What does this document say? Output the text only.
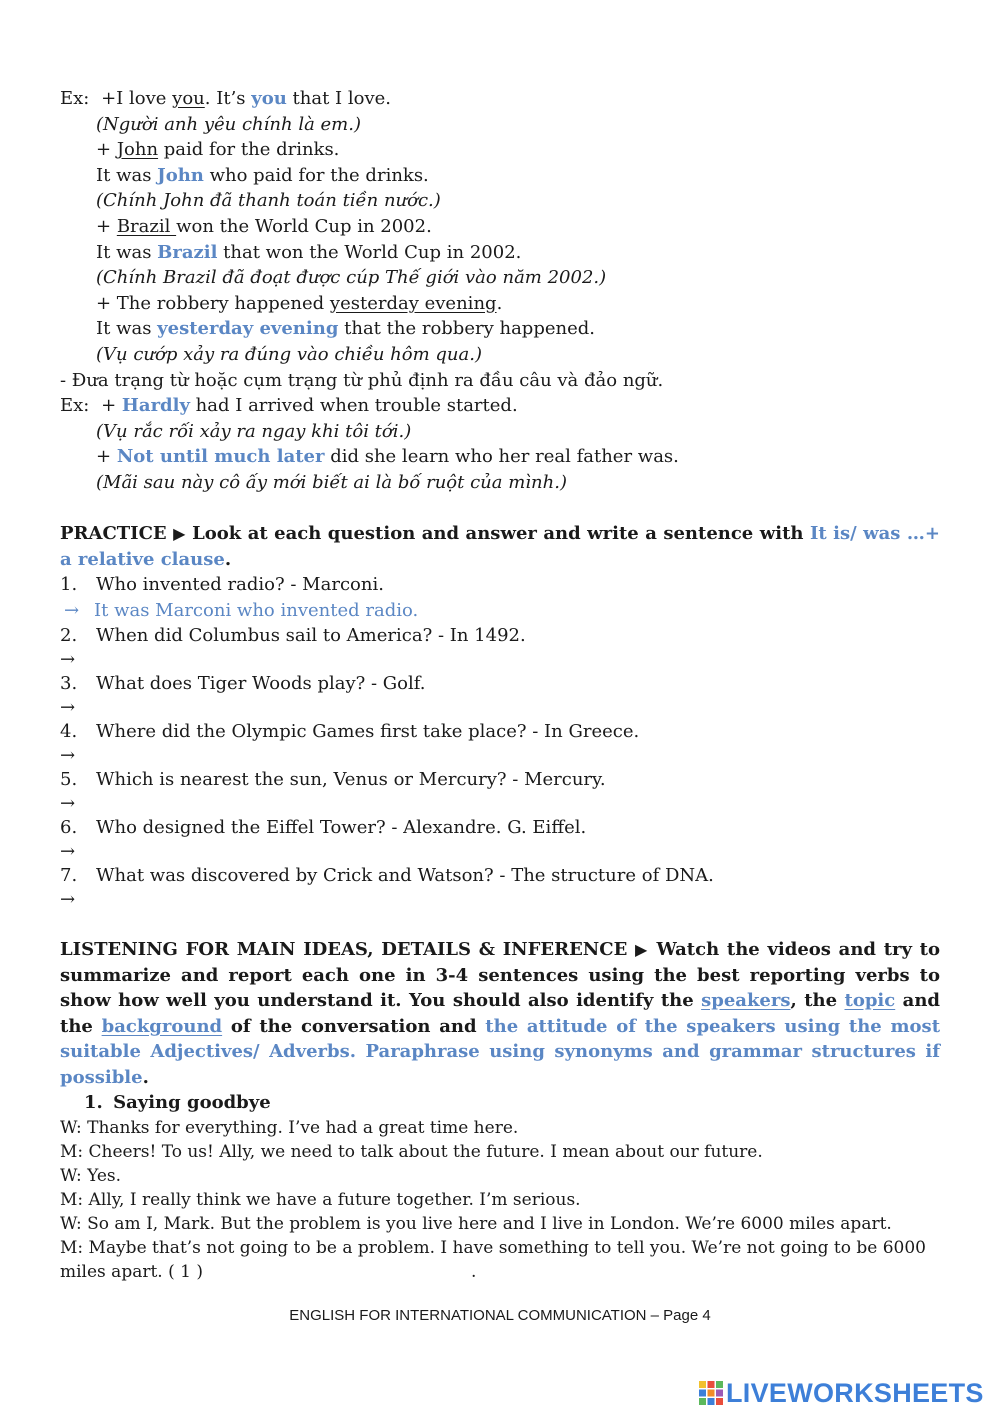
Ex: +I love you. It’s you that I love.
(Người anh yêu chính là em.)
+ John paid for the drinks.
It was John who paid for the drinks.
(Chính John đã thanh toán tiền nước.)
+ Brazil won the World Cup in 2002.
It was Brazil that won the World Cup in 2002.
(Chính Brazil đã đoạt được cúp Thế giới vào năm 2002.)
+ The robbery happened yesterday evening.
It was yesterday evening that the robbery happened.
(Vụ cướp xảy ra đúng vào chiều hôm qua.)
- Đưa trạng từ hoặc cụm trạng từ phủ định ra đầu câu và đảo ngữ.
Ex: + Hardly had I arrived when trouble started.
(Vụ rắc rối xảy ra ngay khi tôi tới.)
+ Not until much later did she learn who her real father was.
(Mãi sau này cô ấy mới biết ai là bố ruột của mình.)
PRACTICE ▶ Look at each question and answer and write a sentence with It is/ was …+ a relative clause.
1. Who invented radio? - Marconi.
→ It was Marconi who invented radio.
2. When did Columbus sail to America? - In 1492.
→
3. What does Tiger Woods play? - Golf.
→
4. Where did the Olympic Games first take place? - In Greece.
→
5. Which is nearest the sun, Venus or Mercury? - Mercury.
→
6. Who designed the Eiffel Tower? - Alexandre. G. Eiffel.
→
7. What was discovered by Crick and Watson? - The structure of DNA.
→
LISTENING FOR MAIN IDEAS, DETAILS & INFERENCE ▶ Watch the videos and try to summarize and report each one in 3-4 sentences using the best reporting verbs to show how well you understand it. You should also identify the speakers, the topic and the background of the conversation and the attitude of the speakers using the most suitable Adjectives/ Adverbs. Paraphrase using synonyms and grammar structures if possible.
1. Saying goodbye
W: Thanks for everything. I’ve had a great time here.
M: Cheers! To us! Ally, we need to talk about the future. I mean about our future.
W: Yes.
M: Ally, I really think we have a future together. I’m serious.
W: So am I, Mark. But the problem is you live here and I live in London. We’re 6000 miles apart.
M: Maybe that’s not going to be a problem. I have something to tell you. We’re not going to be 6000
miles apart. ( 1 )	.
ENGLISH FOR INTERNATIONAL COMMUNICATION – Page 4
LIVEWORKSHEETS
